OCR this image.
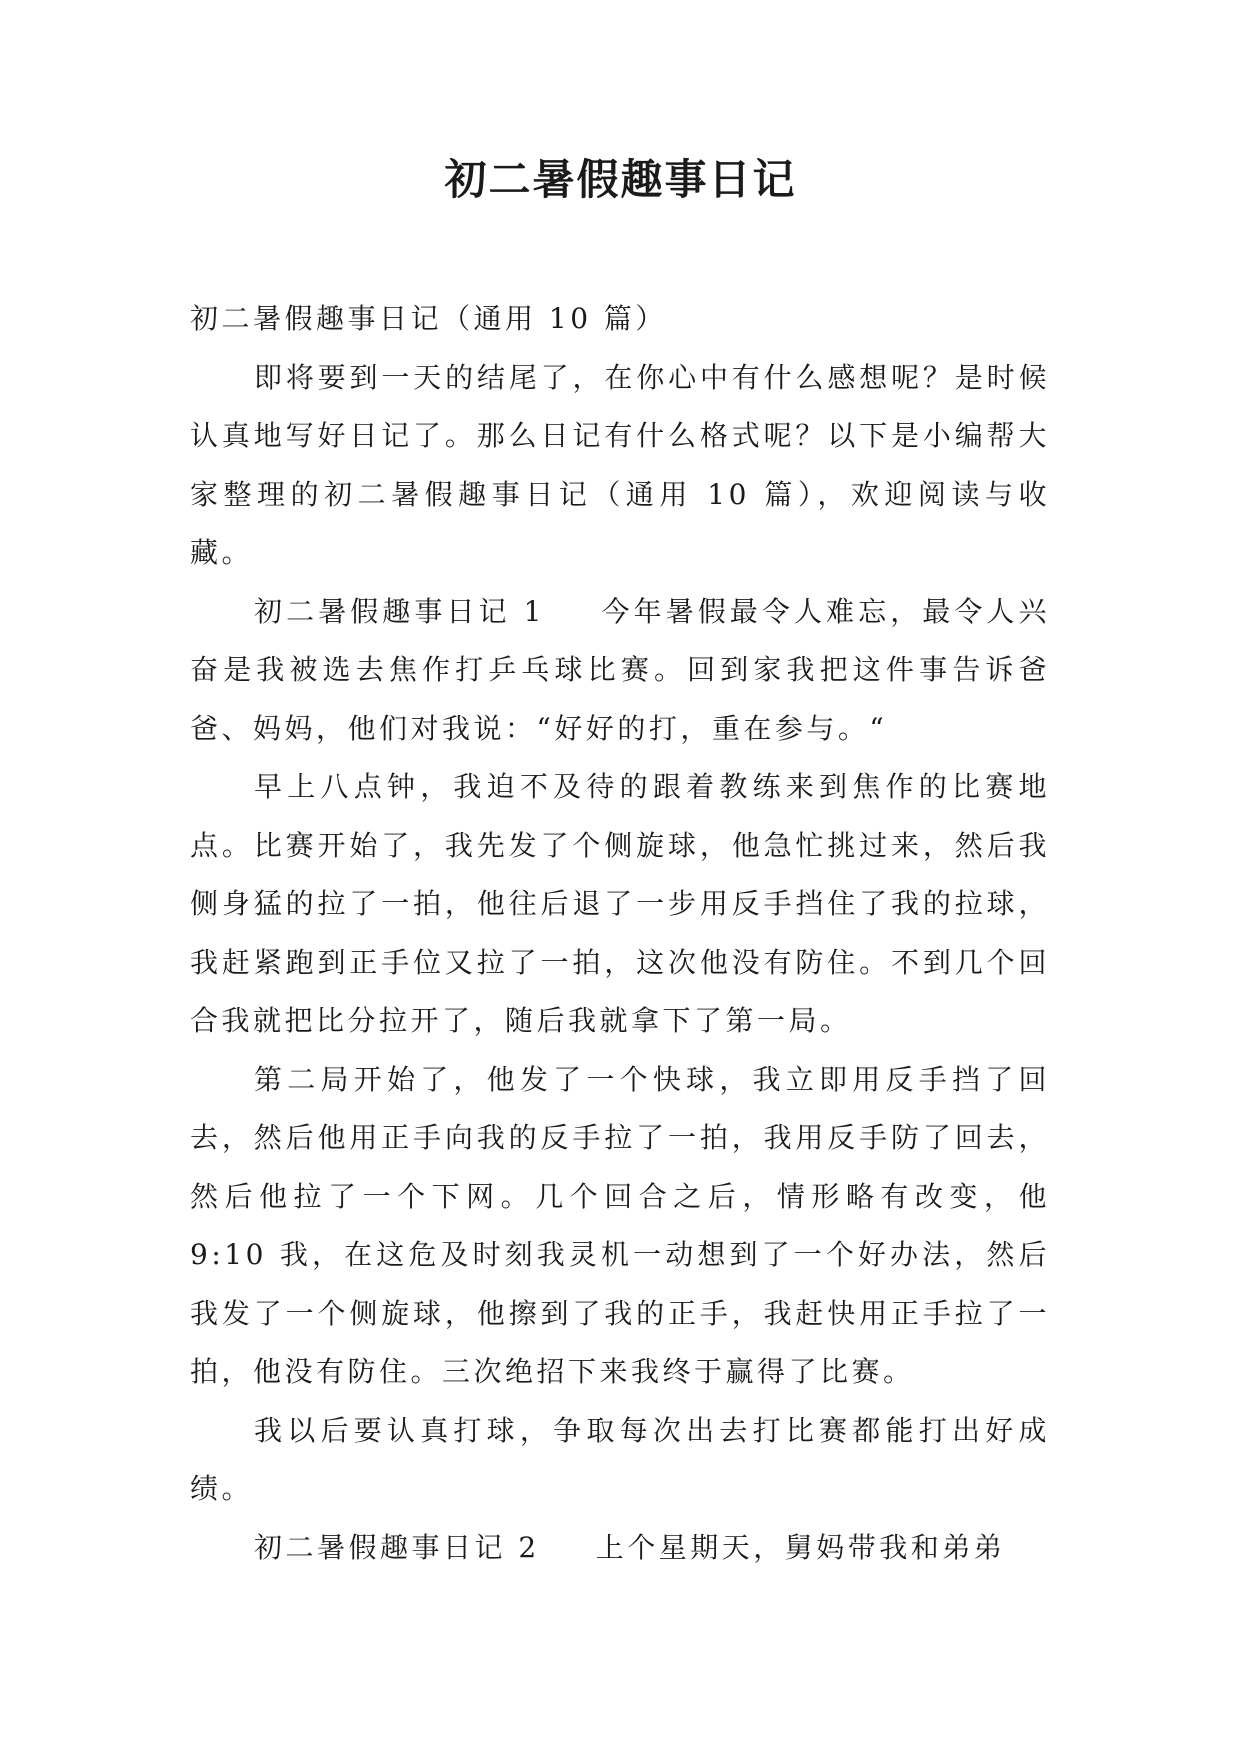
初二暑假趣事日记

初二暑假趣事日记（通用 10 篇）

即将要到一天的结尾了，在你心中有什么感想呢？是时候认真地写好日记了。那么日记有什么格式呢？以下是小编帮大家整理的初二暑假趣事日记（通用 10 篇），欢迎阅读与收藏。

初二暑假趣事日记 1 今年暑假最令人难忘，最令人兴奋是我被选去焦作打乒乓球比赛。回到家我把这件事告诉爸爸、妈妈，他们对我说：“好好的打，重在参与。“

早上八点钟，我迫不及待的跟着教练来到焦作的比赛地点。比赛开始了，我先发了个侧旋球，他急忙挑过来，然后我侧身猛的拉了一拍，他往后退了一步用反手挡住了我的拉球，我赶紧跑到正手位又拉了一拍，这次他没有防住。不到几个回合我就把比分拉开了，随后我就拿下了第一局。

第二局开始了，他发了一个快球，我立即用反手挡了回去，然后他用正手向我的反手拉了一拍，我用反手防了回去，然后他拉了一个下网。几个回合之后，情形略有改变，他 9:10 我，在这危及时刻我灵机一动想到了一个好办法，然后我发了一个侧旋球，他擦到了我的正手，我赶快用正手拉了一拍，他没有防住。三次绝招下来我终于赢得了比赛。

我以后要认真打球，争取每次出去打比赛都能打出好成绩。

初二暑假趣事日记 2 上个星期天，舅妈带我和弟弟
